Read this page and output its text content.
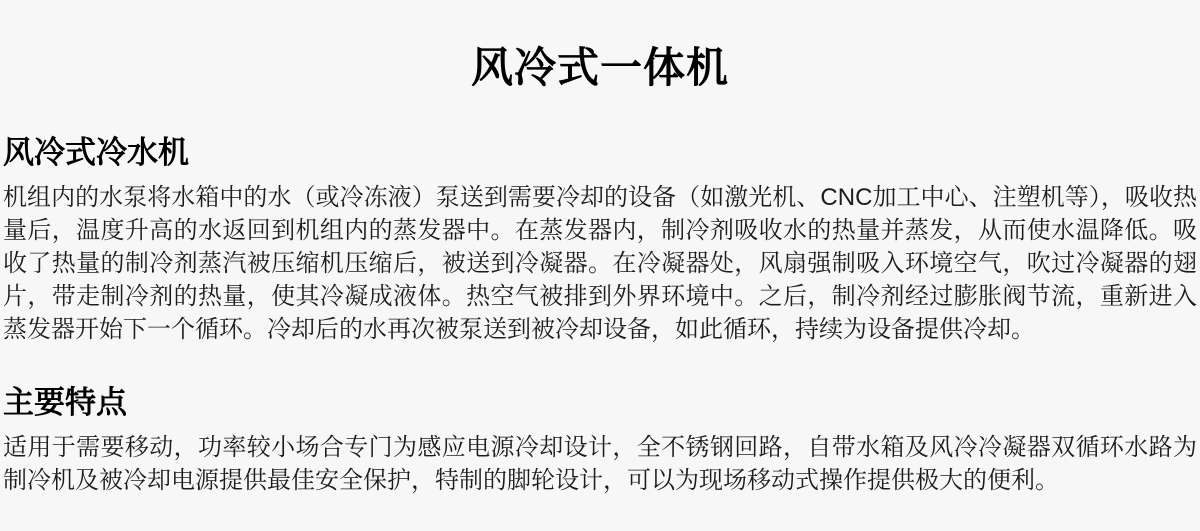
风冷式一体机
风冷式冷水机

机组内的水泵将水箱中的水（或冷冻液）泵送到需要冷却的设备（如激光机、CNC加工中心、注塑机等），吸收热量后，温度升高的水返回到机组内的蒸发器中。在蒸发器内，制冷剂吸收水的热量并蒸发，从而使水温降低。吸收了热量的制冷剂蒸汽被压缩机压缩后，被送到冷凝器。在冷凝器处，风扇强制吸入环境空气，吹过冷凝器的翅片，带走制冷剂的热量，使其冷凝成液体。热空气被排到外界环境中。之后，制冷剂经过膨胀阀节流，重新进入蒸发器开始下一个循环。冷却后的水再次被泵送到被冷却设备，如此循环，持续为设备提供冷却。

主要特点

适用于需要移动，功率较小场合专门为感应电源冷却设计，全不锈钢回路，自带水箱及风冷冷凝器双循环水路为制冷机及被冷却电源提供最佳安全保护，特制的脚轮设计，可以为现场移动式操作提供极大的便利。
